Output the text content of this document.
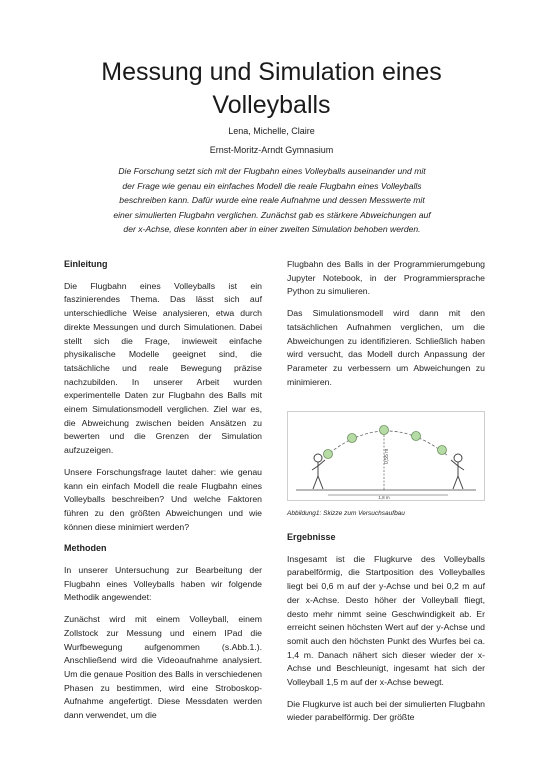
Messung und Simulation eines Volleyballs
Lena, Michelle, Claire
Ernst-Moritz-Arndt Gymnasium
Die Forschung setzt sich mit der Flugbahn eines Volleyballs auseinander und mit der Frage wie genau ein einfaches Modell die reale Flugbahn eines Volleyballs beschreiben kann. Dafür wurde eine reale Aufnahme und dessen Messwerte mit einer simulierten Flugbahn verglichen. Zunächst gab es stärkere Abweichungen auf der x-Achse, diese konnten aber in einer zweiten Simulation behoben werden.
Einleitung

Die Flugbahn eines Volleyballs ist ein faszinierendes Thema. Das lässt sich auf unterschiedliche Weise analysieren, etwa durch direkte Messungen und durch Simulationen. Dabei stellt sich die Frage, inwieweit einfache physikalische Modelle geeignet sind, die tatsächliche und reale Bewegung präzise nachzubilden. In unserer Arbeit wurden experimentelle Daten zur Flugbahn des Balls mit einem Simulationsmodell verglichen. Ziel war es, die Abweichung zwischen beiden Ansätzen zu bewerten und die Grenzen der Simulation aufzuzeigen.

Unsere Forschungsfrage lautet daher: wie genau kann ein einfach Modell die reale Flugbahn eines Volleyballs beschreiben? Und welche Faktoren führen zu den größten Abweichungen und wie können diese minimiert werden?

Methoden

In unserer Untersuchung zur Bearbeitung der Flugbahn eines Volleyballs haben wir folgende Methodik angewendet:

Zunächst wird mit einem Volleyball, einem Zollstock zur Messung und einem IPad die Wurfbewegung aufgenommen (s.Abb.1.). Anschließend wird die Videoaufnahme analysiert. Um die genaue Position des Balls in verschiedenen Phasen zu bestimmen, wird eine Stroboskop-Aufnahme angefertigt. Diese Messdaten werden dann verwendet, um die

Flugbahn des Balls in der Programmierumgebung Jupyter Notebook, in der Programmiersprache Python zu simulieren.

Das Simulationsmodell wird dann mit den tatsächlichen Aufnahmen verglichen, um die Abweichungen zu identifizieren. Schließlich haben wird versucht, das Modell durch Anpassung der Parameter zu verbessern um Abweichungen zu minimieren.

0,55 m
1,8 m
Abbildung1: Skizze zum Versuchsaufbau
Ergebnisse

Insgesamt ist die Flugkurve des Volleyballs parabelförmig, die Startposition des Volleyballes liegt bei 0,6 m auf der y-Achse und bei 0,2 m auf der x-Achse. Desto höher der Volleyball fliegt, desto mehr nimmt seine Geschwindigkeit ab. Er erreicht seinen höchsten Wert auf der y-Achse und somit auch den höchsten Punkt des Wurfes bei ca. 1,4 m. Danach nähert sich dieser wieder der x-Achse und Beschleunigt, ingesamt hat sich der Volleyball 1,5 m auf der x-Achse bewegt.

Die Flugkurve ist auch bei der simulierten Flugbahn wieder parabelförmig. Der größte
